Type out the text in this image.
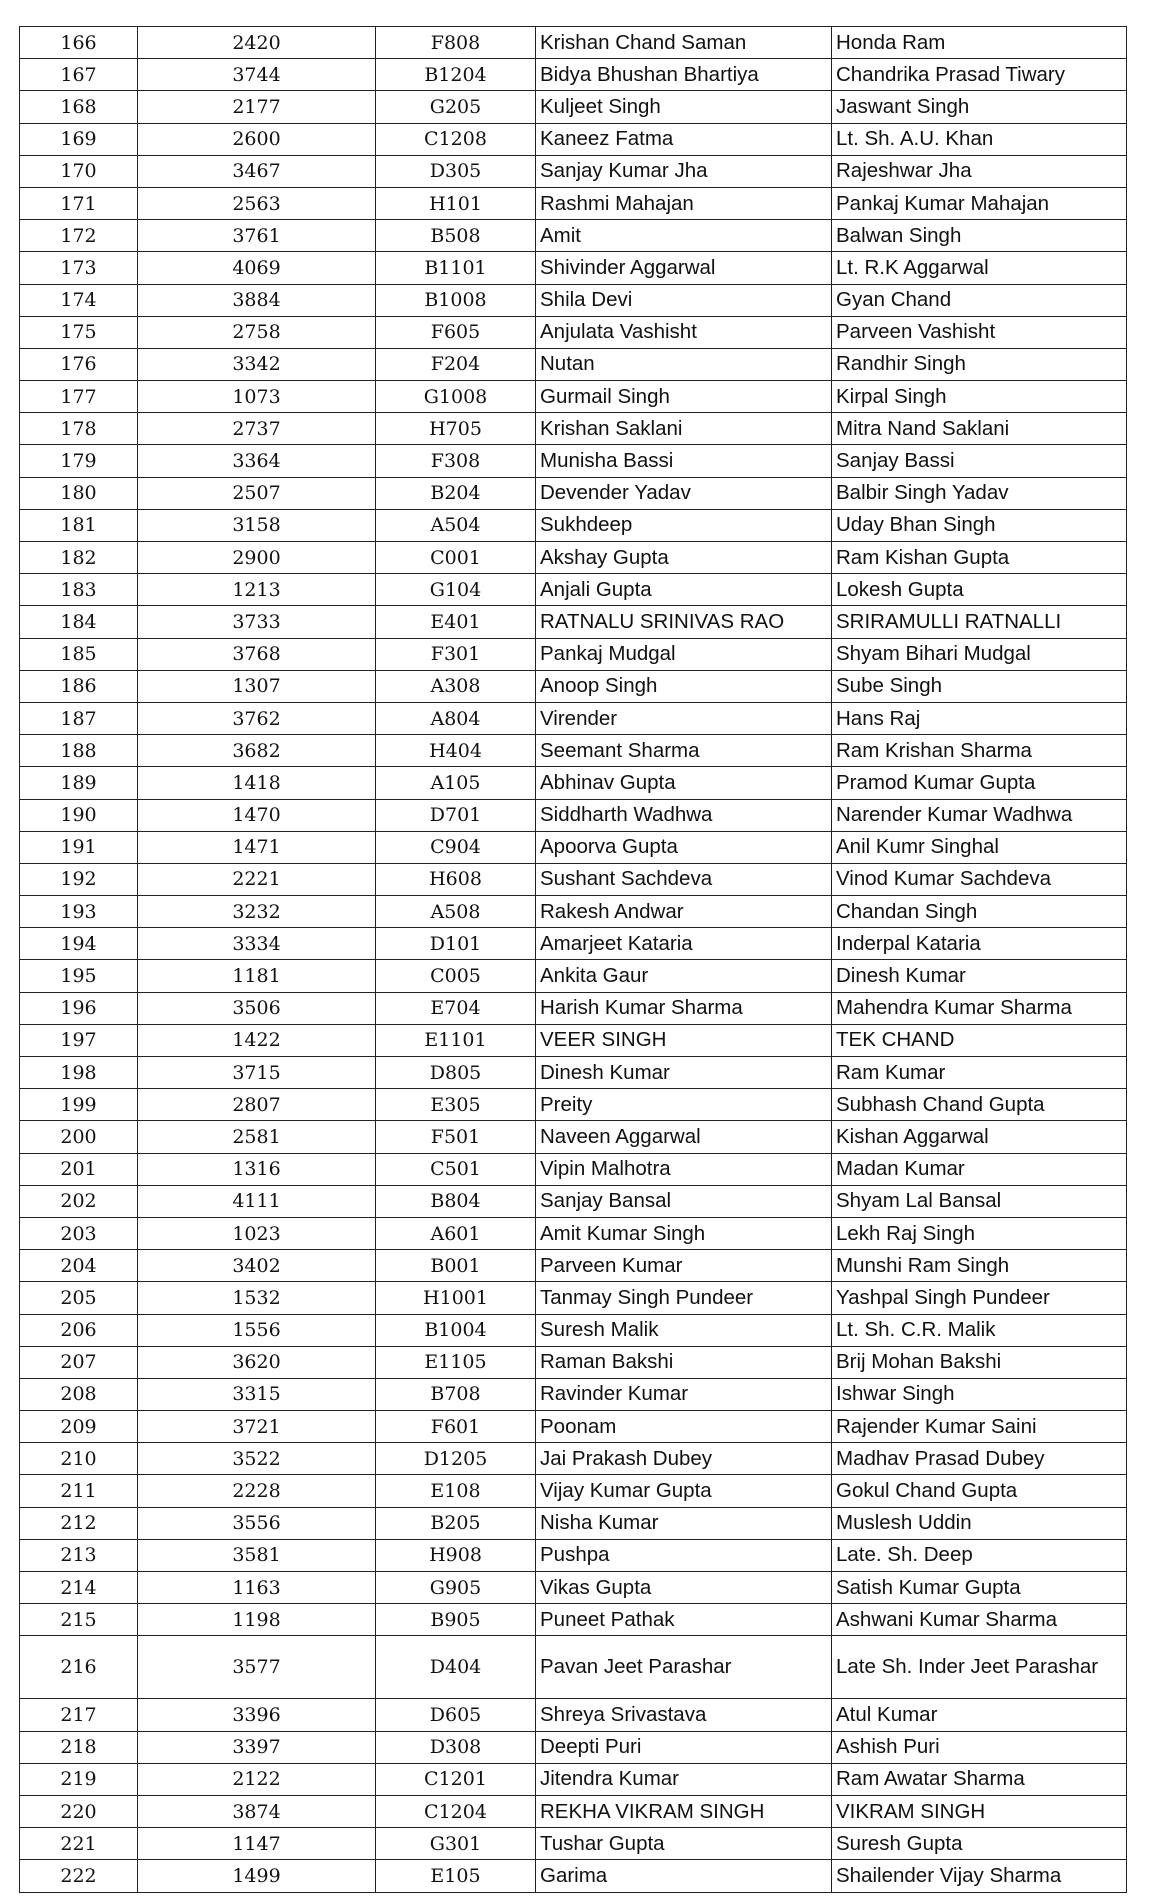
166	2420	F808	Krishan Chand Saman	Honda Ram
167	3744	B1204	Bidya Bhushan Bhartiya	Chandrika Prasad Tiwary
168	2177	G205	Kuljeet Singh	Jaswant Singh
169	2600	C1208	Kaneez Fatma	Lt. Sh. A.U. Khan
170	3467	D305	Sanjay Kumar Jha	Rajeshwar Jha
171	2563	H101	Rashmi Mahajan	Pankaj Kumar Mahajan
172	3761	B508	Amit	Balwan Singh
173	4069	B1101	Shivinder Aggarwal	Lt. R.K Aggarwal
174	3884	B1008	Shila Devi	Gyan Chand
175	2758	F605	Anjulata Vashisht	Parveen Vashisht
176	3342	F204	Nutan	Randhir Singh
177	1073	G1008	Gurmail Singh	Kirpal Singh
178	2737	H705	Krishan Saklani	Mitra Nand Saklani
179	3364	F308	Munisha Bassi	Sanjay Bassi
180	2507	B204	Devender Yadav	Balbir Singh Yadav
181	3158	A504	Sukhdeep	Uday Bhan Singh
182	2900	C001	Akshay Gupta	Ram Kishan Gupta
183	1213	G104	Anjali Gupta	Lokesh Gupta
184	3733	E401	RATNALU SRINIVAS RAO	SRIRAMULLI RATNALLI
185	3768	F301	Pankaj Mudgal	Shyam Bihari Mudgal
186	1307	A308	Anoop Singh	Sube Singh
187	3762	A804	Virender	Hans Raj
188	3682	H404	Seemant Sharma	Ram Krishan Sharma
189	1418	A105	Abhinav Gupta	Pramod Kumar Gupta
190	1470	D701	Siddharth Wadhwa	Narender Kumar Wadhwa
191	1471	C904	Apoorva Gupta	Anil Kumr Singhal
192	2221	H608	Sushant Sachdeva	Vinod Kumar Sachdeva
193	3232	A508	Rakesh Andwar	Chandan Singh
194	3334	D101	Amarjeet Kataria	Inderpal Kataria
195	1181	C005	Ankita Gaur	Dinesh Kumar
196	3506	E704	Harish Kumar Sharma	Mahendra Kumar Sharma
197	1422	E1101	VEER SINGH	TEK CHAND
198	3715	D805	Dinesh Kumar	Ram Kumar
199	2807	E305	Preity	Subhash Chand Gupta
200	2581	F501	Naveen Aggarwal	Kishan Aggarwal
201	1316	C501	Vipin Malhotra	Madan Kumar
202	4111	B804	Sanjay Bansal	Shyam Lal Bansal
203	1023	A601	Amit Kumar Singh	Lekh Raj Singh
204	3402	B001	Parveen Kumar	Munshi Ram Singh
205	1532	H1001	Tanmay Singh Pundeer	Yashpal Singh Pundeer
206	1556	B1004	Suresh Malik	Lt. Sh. C.R. Malik
207	3620	E1105	Raman Bakshi	Brij Mohan Bakshi
208	3315	B708	Ravinder Kumar	Ishwar Singh
209	3721	F601	Poonam	Rajender Kumar Saini
210	3522	D1205	Jai Prakash Dubey	Madhav Prasad Dubey
211	2228	E108	Vijay Kumar Gupta	Gokul Chand Gupta
212	3556	B205	Nisha Kumar	Muslesh Uddin
213	3581	H908	Pushpa	Late. Sh. Deep
214	1163	G905	Vikas Gupta	Satish Kumar Gupta
215	1198	B905	Puneet Pathak	Ashwani Kumar Sharma
216	3577	D404	Pavan Jeet Parashar	Late Sh. Inder Jeet Parashar
217	3396	D605	Shreya Srivastava	Atul Kumar
218	3397	D308	Deepti Puri	Ashish Puri
219	2122	C1201	Jitendra Kumar	Ram Awatar Sharma
220	3874	C1204	REKHA VIKRAM SINGH	VIKRAM SINGH
221	1147	G301	Tushar Gupta	Suresh Gupta
222	1499	E105	Garima	Shailender Vijay Sharma
